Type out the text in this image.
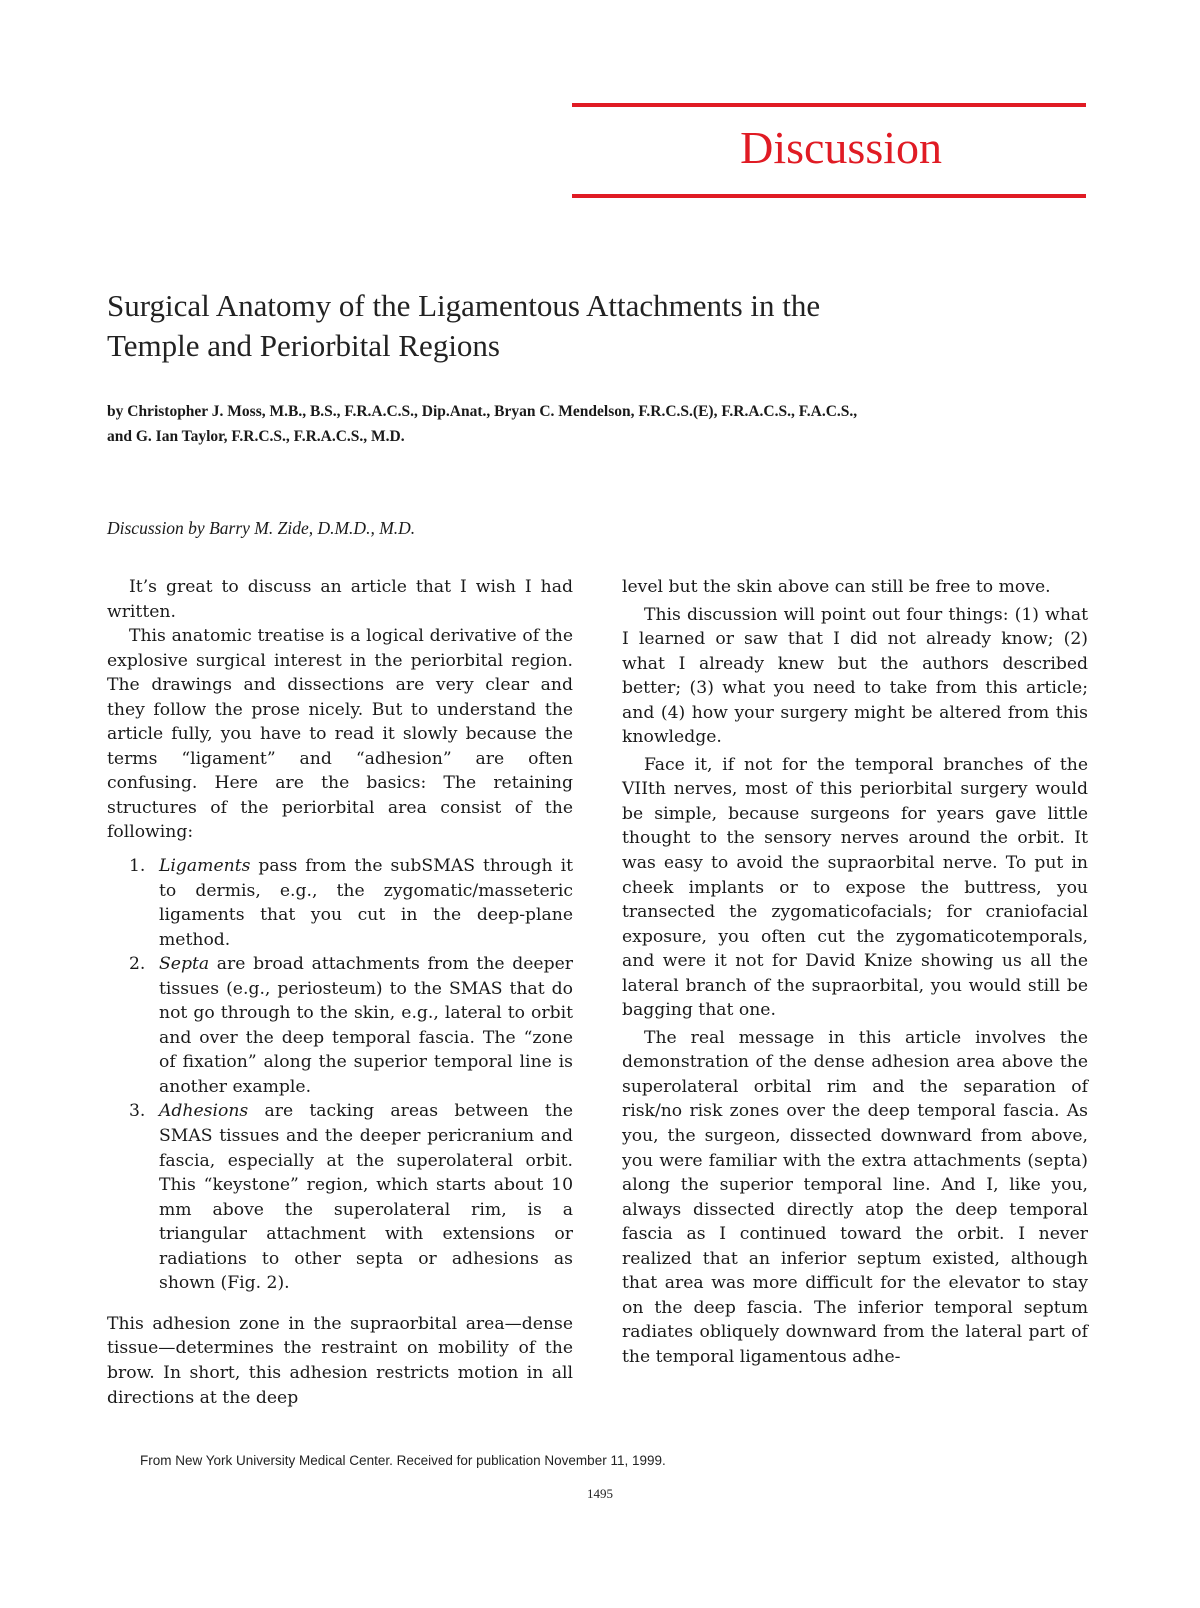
Discussion
Surgical Anatomy of the Ligamentous Attachments in the
Temple and Periorbital Regions
by Christopher J. Moss, M.B., B.S., F.R.A.C.S., Dip.Anat., Bryan C. Mendelson, F.R.C.S.(E), F.R.A.C.S., F.A.C.S.,
and G. Ian Taylor, F.R.C.S., F.R.A.C.S., M.D.
Discussion by Barry M. Zide, D.M.D., M.D.

It’s great to discuss an article that I wish I had written.

This anatomic treatise is a logical derivative of the explosive surgical interest in the periorbital region. The drawings and dissections are very clear and they follow the prose nicely. But to understand the article fully, you have to read it slowly because the terms “ligament” and “adhesion” are often confusing. Here are the basics: The retaining structures of the periorbital area consist of the following:

1. Ligaments pass from the subSMAS through it to dermis, e.g., the zygomatic/masseteric ligaments that you cut in the deep-plane method.
2. Septa are broad attachments from the deeper tissues (e.g., periosteum) to the SMAS that do not go through to the skin, e.g., lateral to orbit and over the deep temporal fascia. The “zone of fixation” along the superior temporal line is another example.
3. Adhesions are tacking areas between the SMAS tissues and the deeper pericranium and fascia, especially at the superolateral orbit. This “keystone” region, which starts about 10 mm above the superolateral rim, is a triangular attachment with extensions or radiations to other septa or adhesions as shown (Fig. 2).

This adhesion zone in the supraorbital area—dense tissue—determines the restraint on mobility of the brow. In short, this adhesion restricts motion in all directions at the deep

level but the skin above can still be free to move.

This discussion will point out four things: (1) what I learned or saw that I did not already know; (2) what I already knew but the authors described better; (3) what you need to take from this article; and (4) how your surgery might be altered from this knowledge.

Face it, if not for the temporal branches of the VIIth nerves, most of this periorbital surgery would be simple, because surgeons for years gave little thought to the sensory nerves around the orbit. It was easy to avoid the supraorbital nerve. To put in cheek implants or to expose the buttress, you transected the zygomaticofacials; for craniofacial exposure, you often cut the zygomaticotemporals, and were it not for David Knize showing us all the lateral branch of the supraorbital, you would still be bagging that one.

The real message in this article involves the demonstration of the dense adhesion area above the superolateral orbital rim and the separation of risk/no risk zones over the deep temporal fascia. As you, the surgeon, dissected downward from above, you were familiar with the extra attachments (septa) along the superior temporal line. And I, like you, always dissected directly atop the deep temporal fascia as I continued toward the orbit. I never realized that an inferior septum existed, although that area was more difficult for the elevator to stay on the deep fascia. The inferior temporal septum radiates obliquely downward from the lateral part of the temporal ligamentous adhe-

From New York University Medical Center. Received for publication November 11, 1999.
1495
